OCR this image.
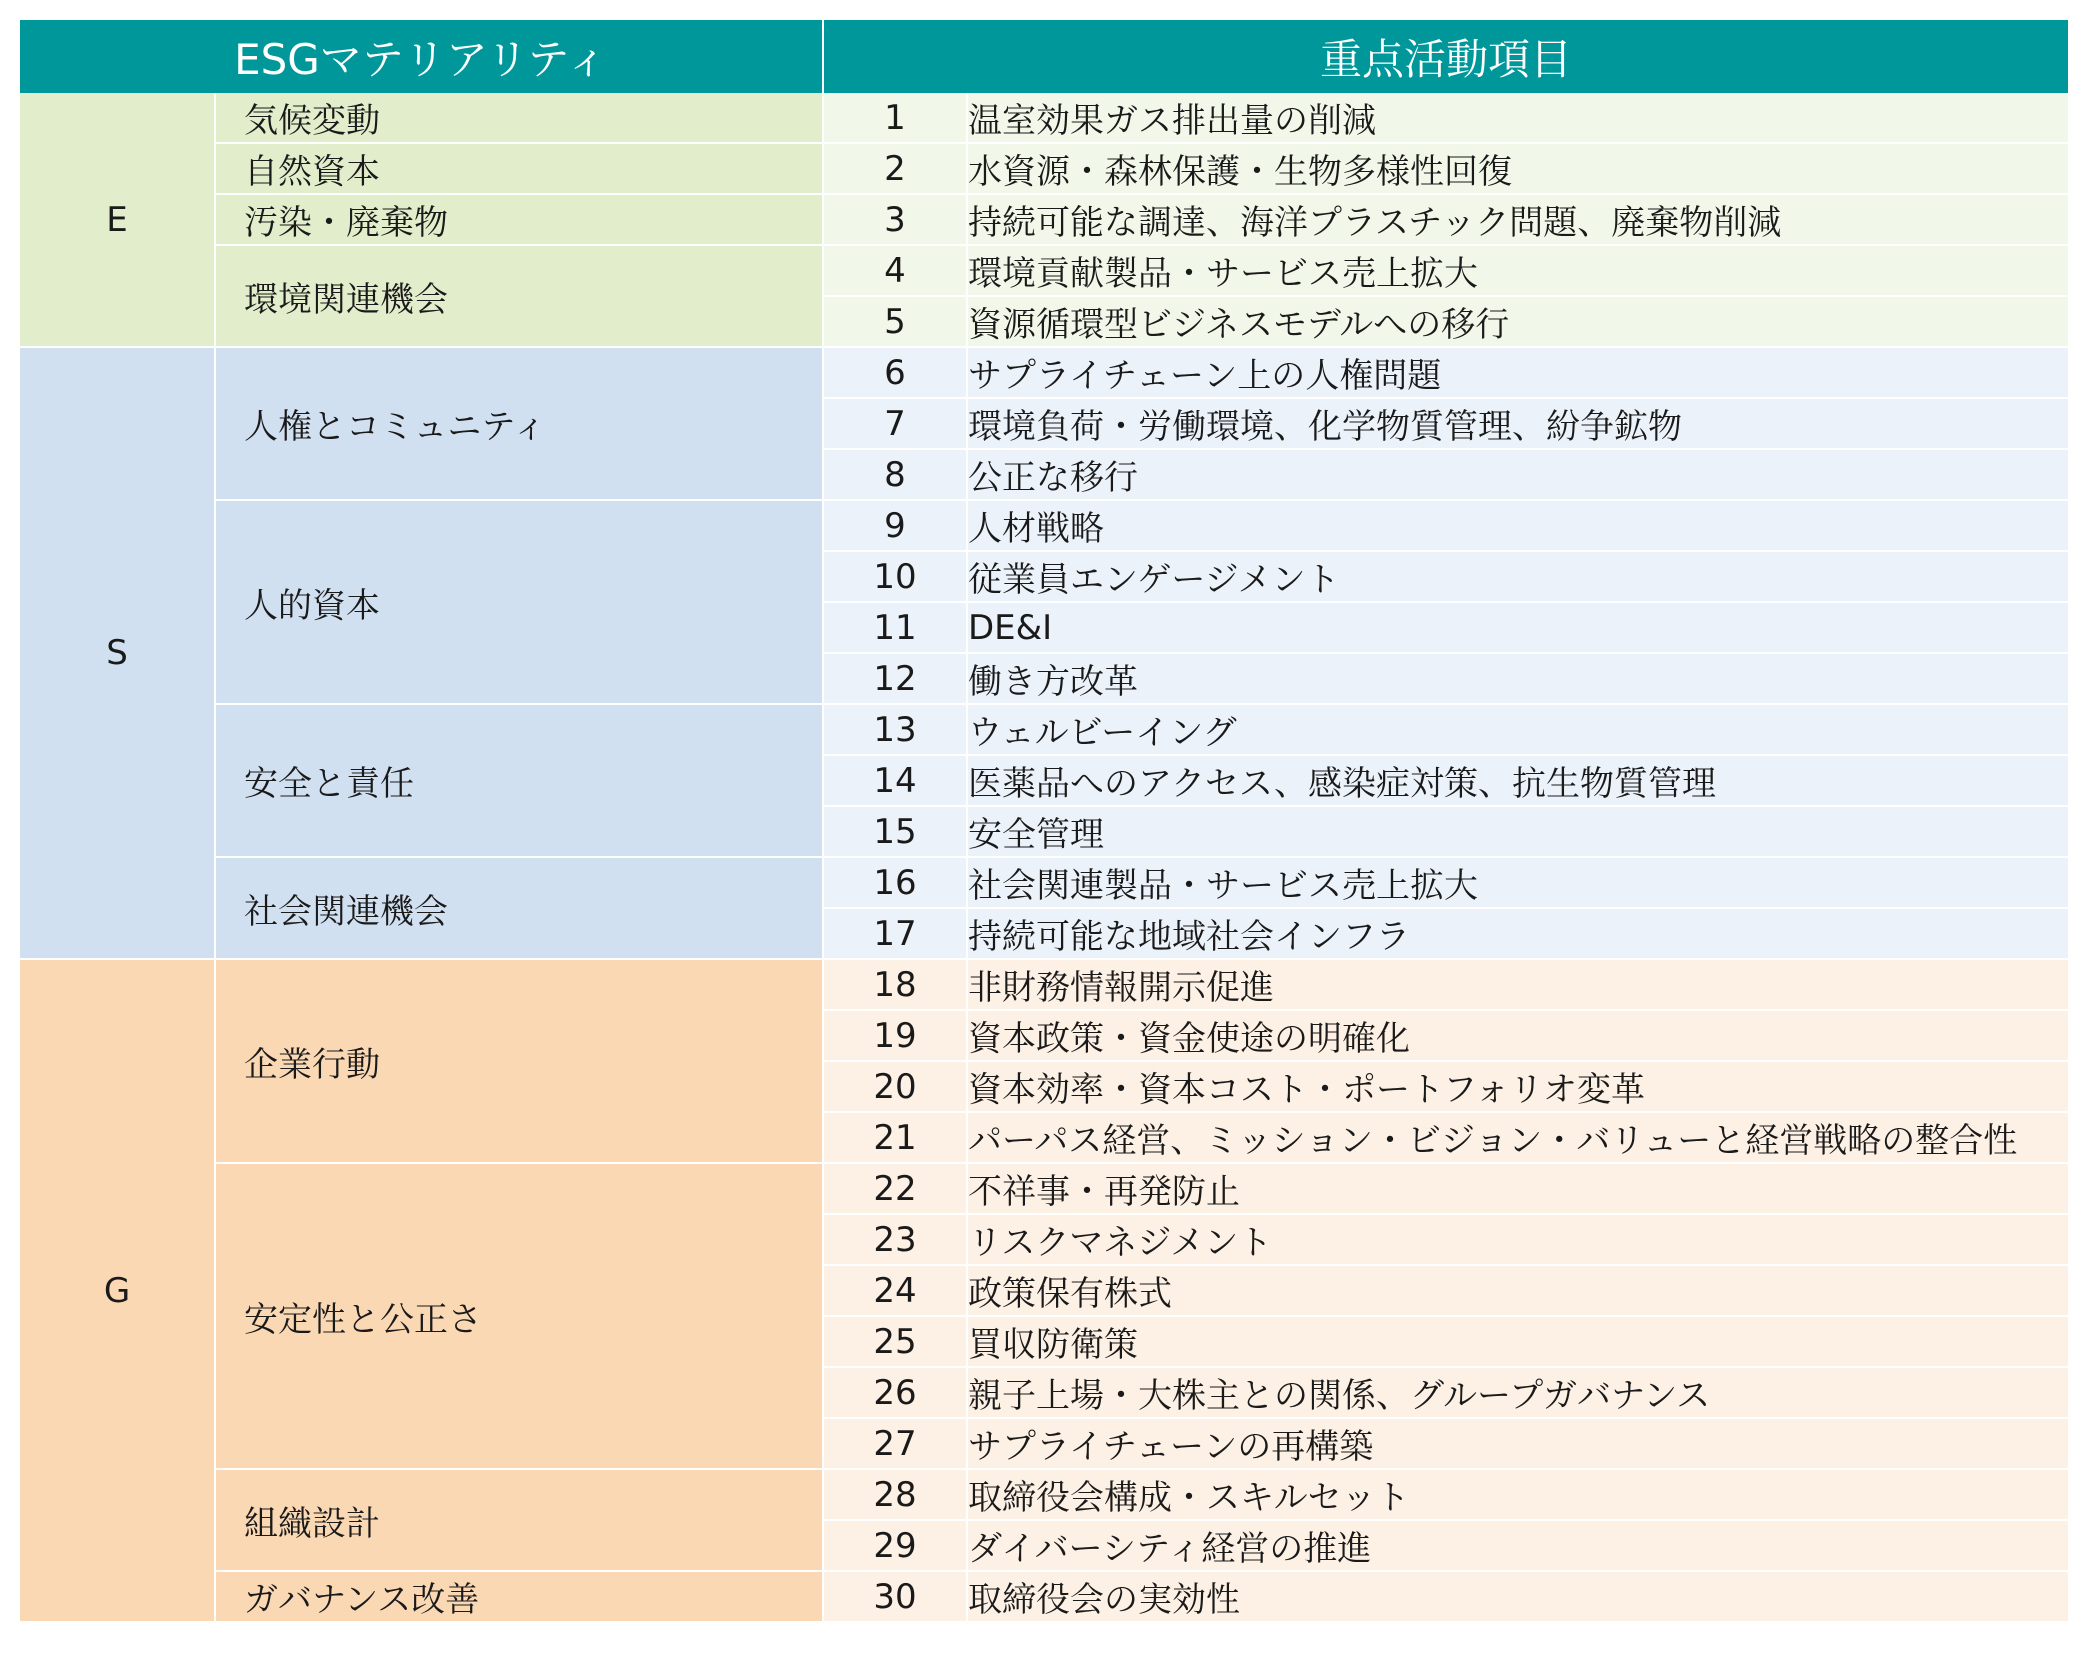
ESGマテリアリティ		重点活動項目	
E	気候変動	1	温室効果ガス排出量の削減
	自然資本	2	水資源・森林保護・生物多様性回復
	汚染・廃棄物	3	持続可能な調達、海洋プラスチック問題、廃棄物削減
	環境関連機会	4	環境貢献製品・サービス売上拡大
		5	資源循環型ビジネスモデルへの移行
S	人権とコミュニティ	6	サプライチェーン上の人権問題
		7	環境負荷・労働環境、化学物質管理、紛争鉱物
		8	公正な移行
	人的資本	9	人材戦略
		10	従業員エンゲージメント
		11	DE&I
		12	働き方改革
	安全と責任	13	ウェルビーイング
		14	医薬品へのアクセス、感染症対策、抗生物質管理
		15	安全管理
	社会関連機会	16	社会関連製品・サービス売上拡大
		17	持続可能な地域社会インフラ
G	企業行動	18	非財務情報開示促進
		19	資本政策・資金使途の明確化
		20	資本効率・資本コスト・ポートフォリオ変革
		21	パーパス経営、ミッション・ビジョン・バリューと経営戦略の整合性
	安定性と公正さ	22	不祥事・再発防止
		23	リスクマネジメント
		24	政策保有株式
		25	買収防衛策
		26	親子上場・大株主との関係、グループガバナンス
		27	サプライチェーンの再構築
	組織設計	28	取締役会構成・スキルセット
		29	ダイバーシティ経営の推進
	ガバナンス改善	30	取締役会の実効性
